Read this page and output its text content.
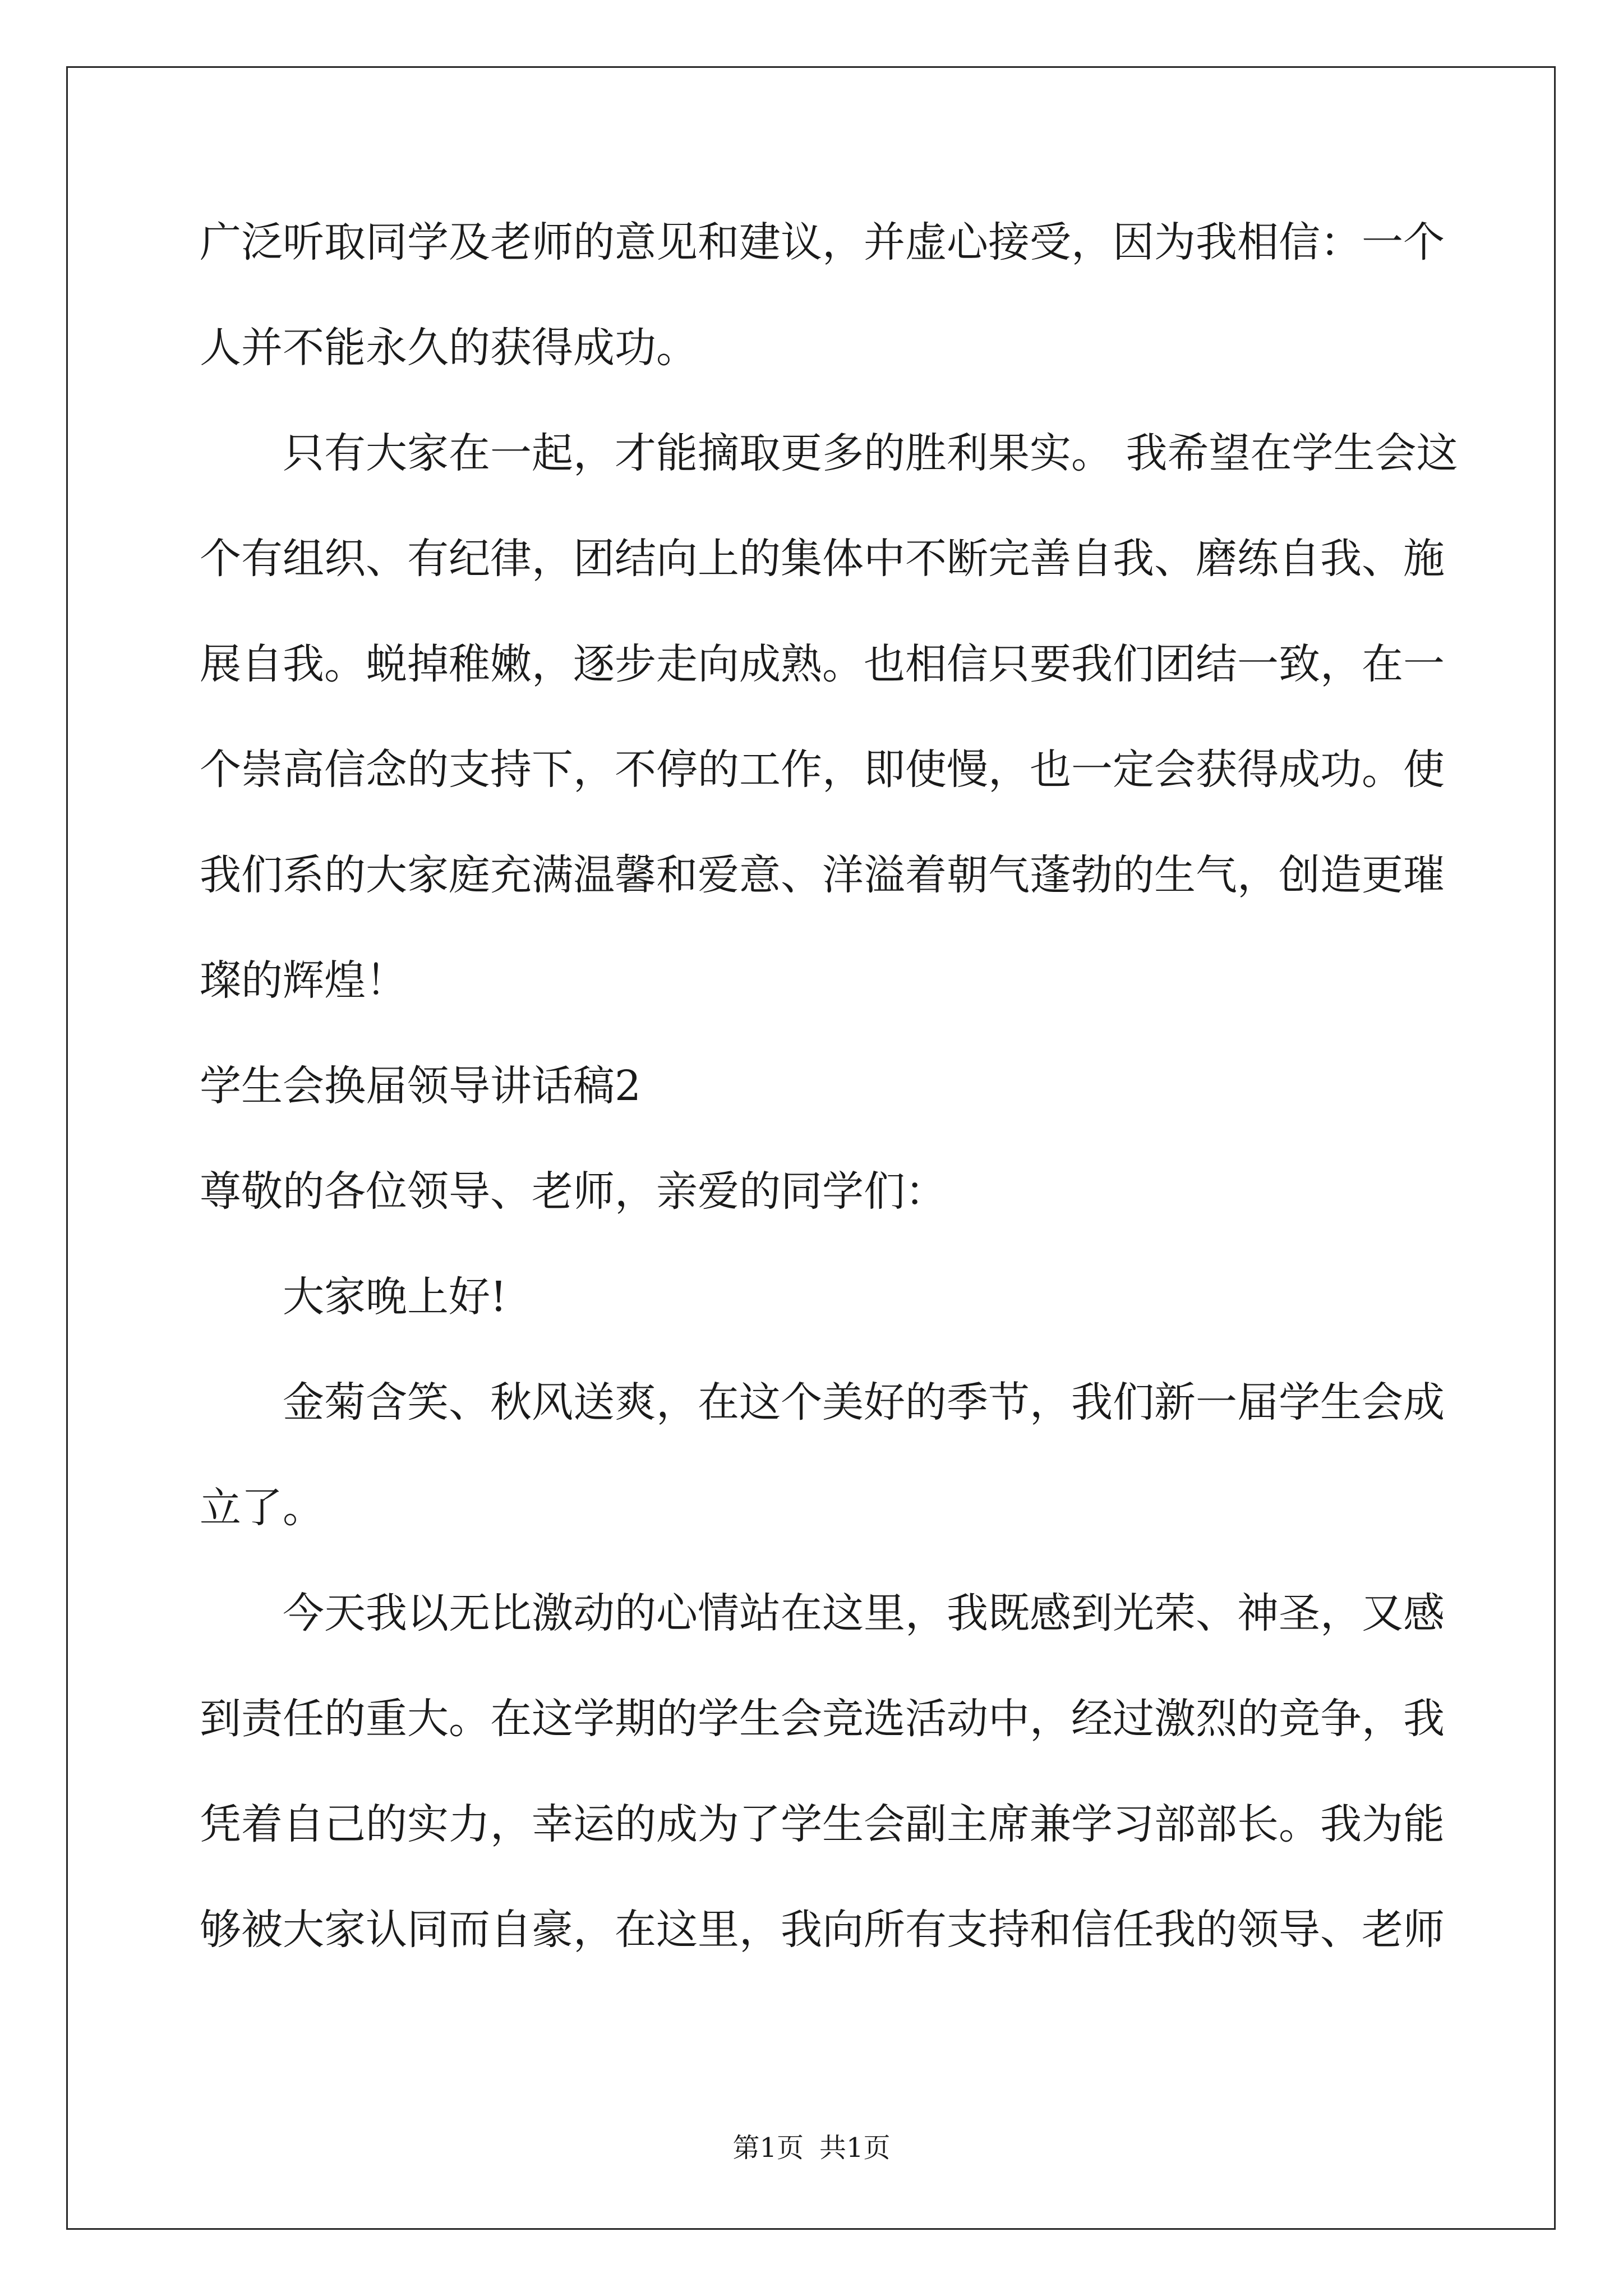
广泛听取同学及老师的意见和建议，并虚心接受，因为我相信：一个
人并不能永久的获得成功。
只有大家在一起，才能摘取更多的胜利果实。 我希望在学生会这
个有组织、有纪律，团结向上的集体中不断完善自我、磨练自我、施
展自我。蜕掉稚嫩，逐步走向成熟。也相信只要我们团结一致，在一
个崇高信念的支持下，不停的工作，即使慢，也一定会获得成功。使
我们系的大家庭充满温馨和爱意、洋溢着朝气蓬勃的生气，创造更璀
璨的辉煌！
学生会换届领导讲话稿2
尊敬的各位领导、老师，亲爱的同学们：
大家晚上好!
金菊含笑、秋风送爽，在这个美好的季节，我们新一届学生会成
立了。
今天我以无比激动的心情站在这里，我既感到光荣、神圣，又感
到责任的重大。在这学期的学生会竞选活动中，经过激烈的竞争，我
凭着自己的实力，幸运的成为了学生会副主席兼学习部部长。我为能
够被大家认同而自豪，在这里，我向所有支持和信任我的领导、老师
第1页 共1页
